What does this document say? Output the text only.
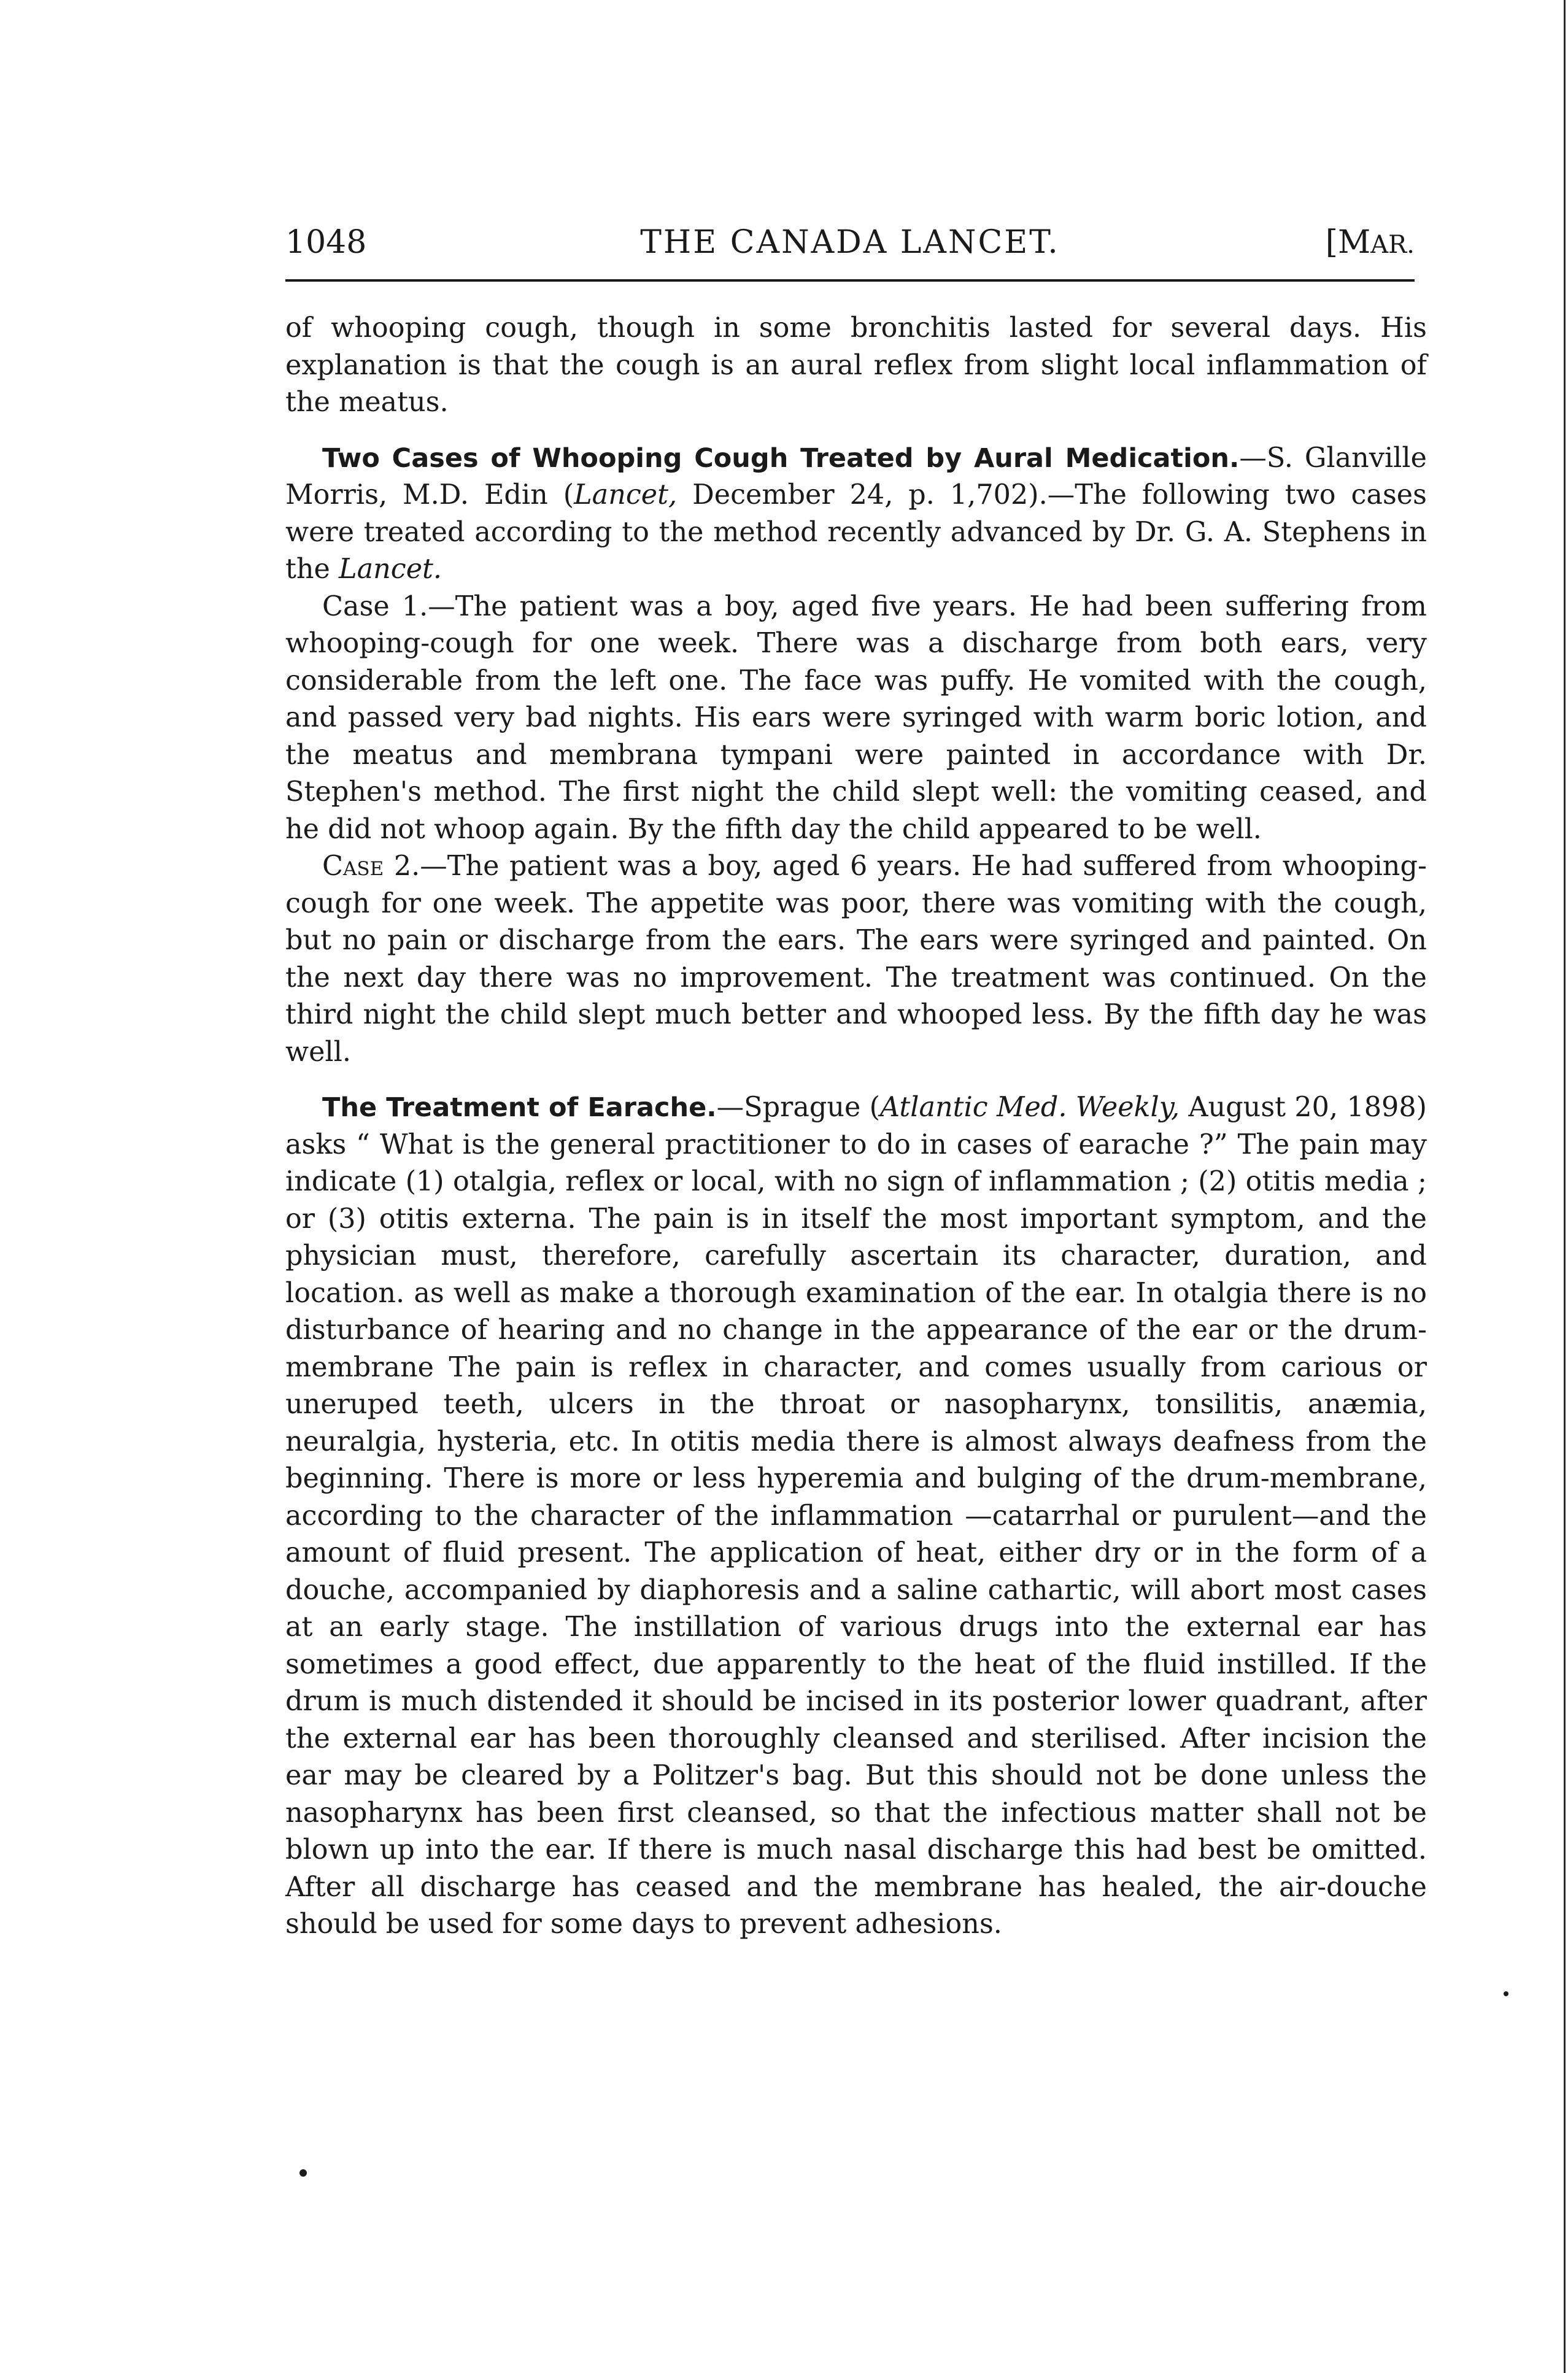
1048	THE CANADA LANCET.	[MAR.

of whooping cough, though in some bronchitis lasted for several days. His explanation is that the cough is an aural reflex from slight local inflammation of the meatus.

Two Cases of Whooping Cough Treated by Aural Medication.—S. Glanville Morris, M.D. Edin (Lancet, December 24, p. 1,702).—The following two cases were treated according to the method recently advanced by Dr. G. A. Stephens in the Lancet.

Case 1.—The patient was a boy, aged five years. He had been suffering from whooping-cough for one week. There was a discharge from both ears, very considerable from the left one. The face was puffy. He vomited with the cough, and passed very bad nights. His ears were syringed with warm boric lotion, and the meatus and membrana tympani were painted in accordance with Dr. Stephen's method. The first night the child slept well: the vomiting ceased, and he did not whoop again. By the fifth day the child appeared to be well.

Case 2.—The patient was a boy, aged 6 years. He had suffered from whooping-cough for one week. The appetite was poor, there was vomiting with the cough, but no pain or discharge from the ears. The ears were syringed and painted. On the next day there was no improvement. The treatment was continued. On the third night the child slept much better and whooped less. By the fifth day he was well.

The Treatment of Earache.—Sprague (Atlantic Med. Weekly, August 20, 1898) asks “ What is the general practitioner to do in cases of earache ?” The pain may indicate (1) otalgia, reflex or local, with no sign of inflammation ; (2) otitis media ; or (3) otitis externa. The pain is in itself the most important symptom, and the physician must, therefore, carefully ascertain its character, duration, and location. as well as make a thorough examination of the ear. In otalgia there is no disturbance of hearing and no change in the appearance of the ear or the drum-membrane The pain is reflex in character, and comes usually from carious or uneruped teeth, ulcers in the throat or nasopharynx, tonsilitis, anæmia, neuralgia, hysteria, etc. In otitis media there is almost always deafness from the beginning. There is more or less hyperemia and bulging of the drum-membrane, according to the character of the inflammation —catarrhal or purulent—and the amount of fluid present. The application of heat, either dry or in the form of a douche, accompanied by diaphoresis and a saline cathartic, will abort most cases at an early stage. The instillation of various drugs into the external ear has sometimes a good effect, due apparently to the heat of the fluid instilled. If the drum is much distended it should be incised in its posterior lower quadrant, after the external ear has been thoroughly cleansed and sterilised. After incision the ear may be cleared by a Politzer's bag. But this should not be done unless the nasopharynx has been first cleansed, so that the infectious matter shall not be blown up into the ear. If there is much nasal discharge this had best be omitted. After all discharge has ceased and the membrane has healed, the air-douche should be used for some days to prevent adhesions.
